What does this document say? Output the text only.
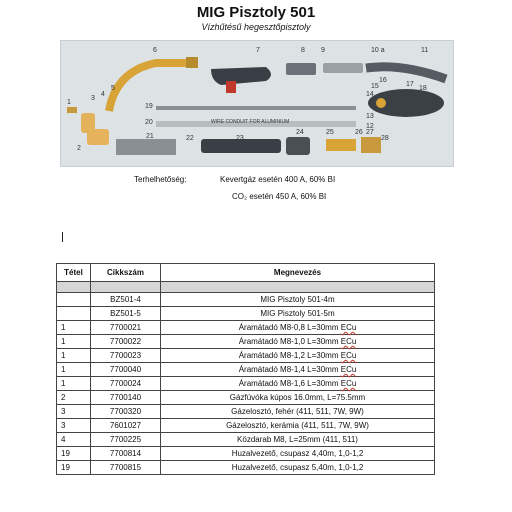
MIG Pisztoly 501
Vízhűtésű hegesztőpisztoly
1
2
3
4
5
6	7	8 9	10 a	11
12
13
14
15
16
17
18
19
20
21	22	23
24	25	26 27
28
WIRE CONDUIT FOR ALUMINIUM
Terhelhetőség:	Kevertgáz esetén 400 A, 60% BI
CO₂ esetén 450 A, 60% BI
Tétel	Cikkszám	Megnevezés

	BZ501-4	MIG Pisztoly 501-4m
	BZ501-5	MIG Pisztoly 501-5m
1	7700021	Áramátadó M8-0,8 L=30mm ECu
1	7700022	Áramátadó M8-1,0 L=30mm ECu
1	7700023	Áramátadó M8-1,2 L=30mm ECu
1	7700040	Áramátadó M8-1,4 L=30mm ECu
1	7700024	Áramátadó M8-1,6 L=30mm ECu
2	7700140	Gázfúvóka kúpos 16.0mm, L=75.5mm
3	7700320	Gázelosztó, fehér (411, 511, 7W, 9W)
3	7601027	Gázelosztó, kerámia (411, 511, 7W, 9W)
4	7700225	Közdarab M8, L=25mm (411, 511)
19	7700814	Huzalvezető, csupasz 4,40m, 1,0-1,2
19	7700815	Huzalvezető, csupasz 5,40m, 1,0-1,2
